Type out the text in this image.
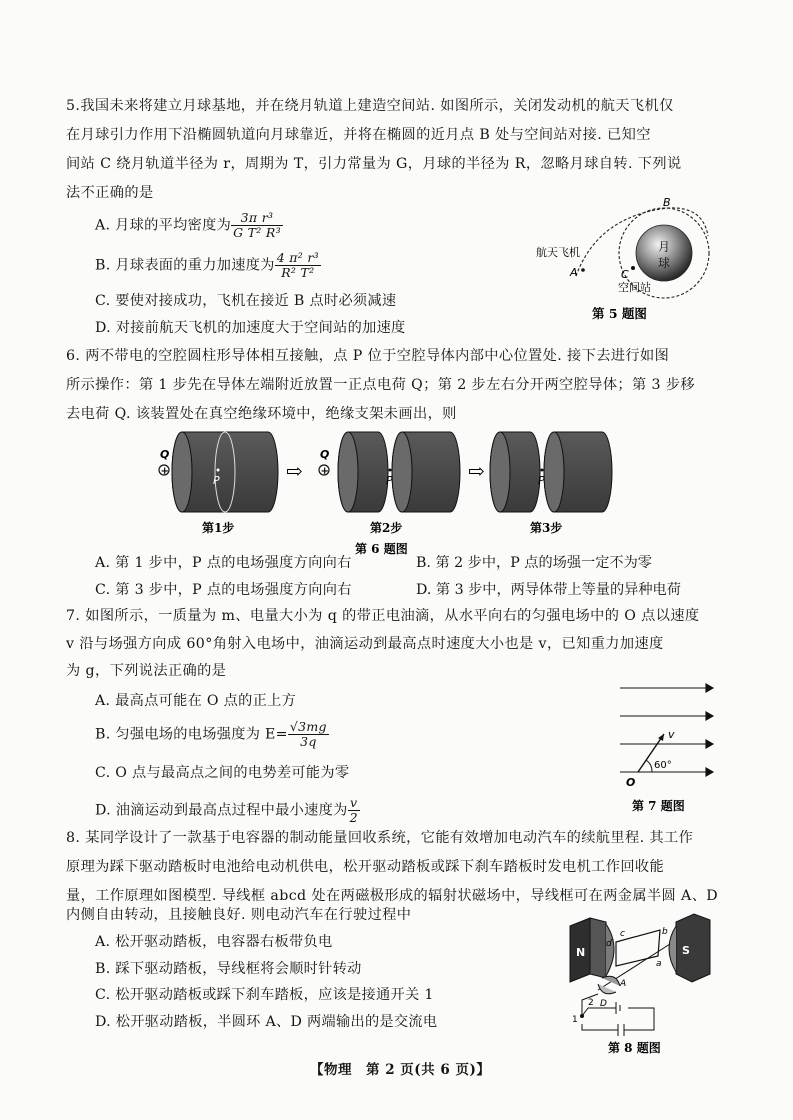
5.我国未来将建立月球基地，并在绕月轨道上建造空间站. 如图所示，关闭发动机的航天飞机仅
在月球引力作用下沿椭圆轨道向月球靠近，并将在椭圆的近月点 B 处与空间站对接. 已知空
间站 C 绕月轨道半径为 r，周期为 T，引力常量为 G，月球的半径为 R，忽略月球自转. 下列说
法不正确的是
A. 月球的平均密度为 $\frac{\text{3π r³}}{\text{G T² R³}}$
B. 月球表面的重力加速度为 $\frac{\text{4 π² r³}}{\text{R² T²}}$
C. 要使对接成功，飞机在接近 B 点时必须减速
D. 对接前航天飞机的加速度大于空间站的加速度
B
月
球
航天飞机
A	C
空间站
第 5 题图
6. 两不带电的空腔圆柱形导体相互接触，点 P 位于空腔导体内部中心位置处. 接下去进行如图
所示操作：第 1 步先在导体左端附近放置一正点电荷 Q；第 2 步左右分开两空腔导体；第 3 步移
去电荷 Q. 该装置处在真空绝缘环境中，绝缘支架未画出，则
+
Q
P	⇨ +
Q
P	⇨	P
第1步	第2步	第3步
第 6 题图
A. 第 1 步中，P 点的电场强度方向向右	B. 第 2 步中，P 点的场强一定不为零
C. 第 3 步中，P 点的电场强度方向向右	D. 第 3 步中，两导体带上等量的异种电荷
7. 如图所示，一质量为 m、电量大小为 q 的带正电油滴，从水平向右的匀强电场中的 O 点以速度
v 沿与场强方向成 60°角射入电场中，油滴运动到最高点时速度大小也是 v，已知重力加速度
为 g，下列说法正确的是
A. 最高点可能在 O 点的正上方
B. 匀强电场的电场强度为 $E= \frac{√3mg}{3q}$
C. O 点与最高点之间的电势差可能为零
D. 油滴运动到最高点过程中最小速度为 $\frac{v}{2}$
v
60°
O
第 7 题图
8. 某同学设计了一款基于电容器的制动能量回收系统，它能有效增加电动汽车的续航里程. 其工作
原理为踩下驱动踏板时电池给电动机供电，松开驱动踏板或踩下刹车踏板时发电机工作回收能
量，工作原理如图模型. 导线框 abcd 处在两磁极形成的辐射状磁场中，导线框可在两金属半圆 A、D
内侧自由转动，且接触良好. 则电动汽车在行驶过程中
A. 松开驱动踏板，电容器右板带负电
B. 踩下驱动踏板，导线框将会顺时针转动
C. 松开驱动踏板或踩下刹车踏板，应该是接通开关 1
D. 松开驱动踏板，半圆环 A、D 两端输出的是交流电
N	S
a
b
c
d
A
D
1
2
第 8 题图
【物理　第 2 页(共 6 页)】
